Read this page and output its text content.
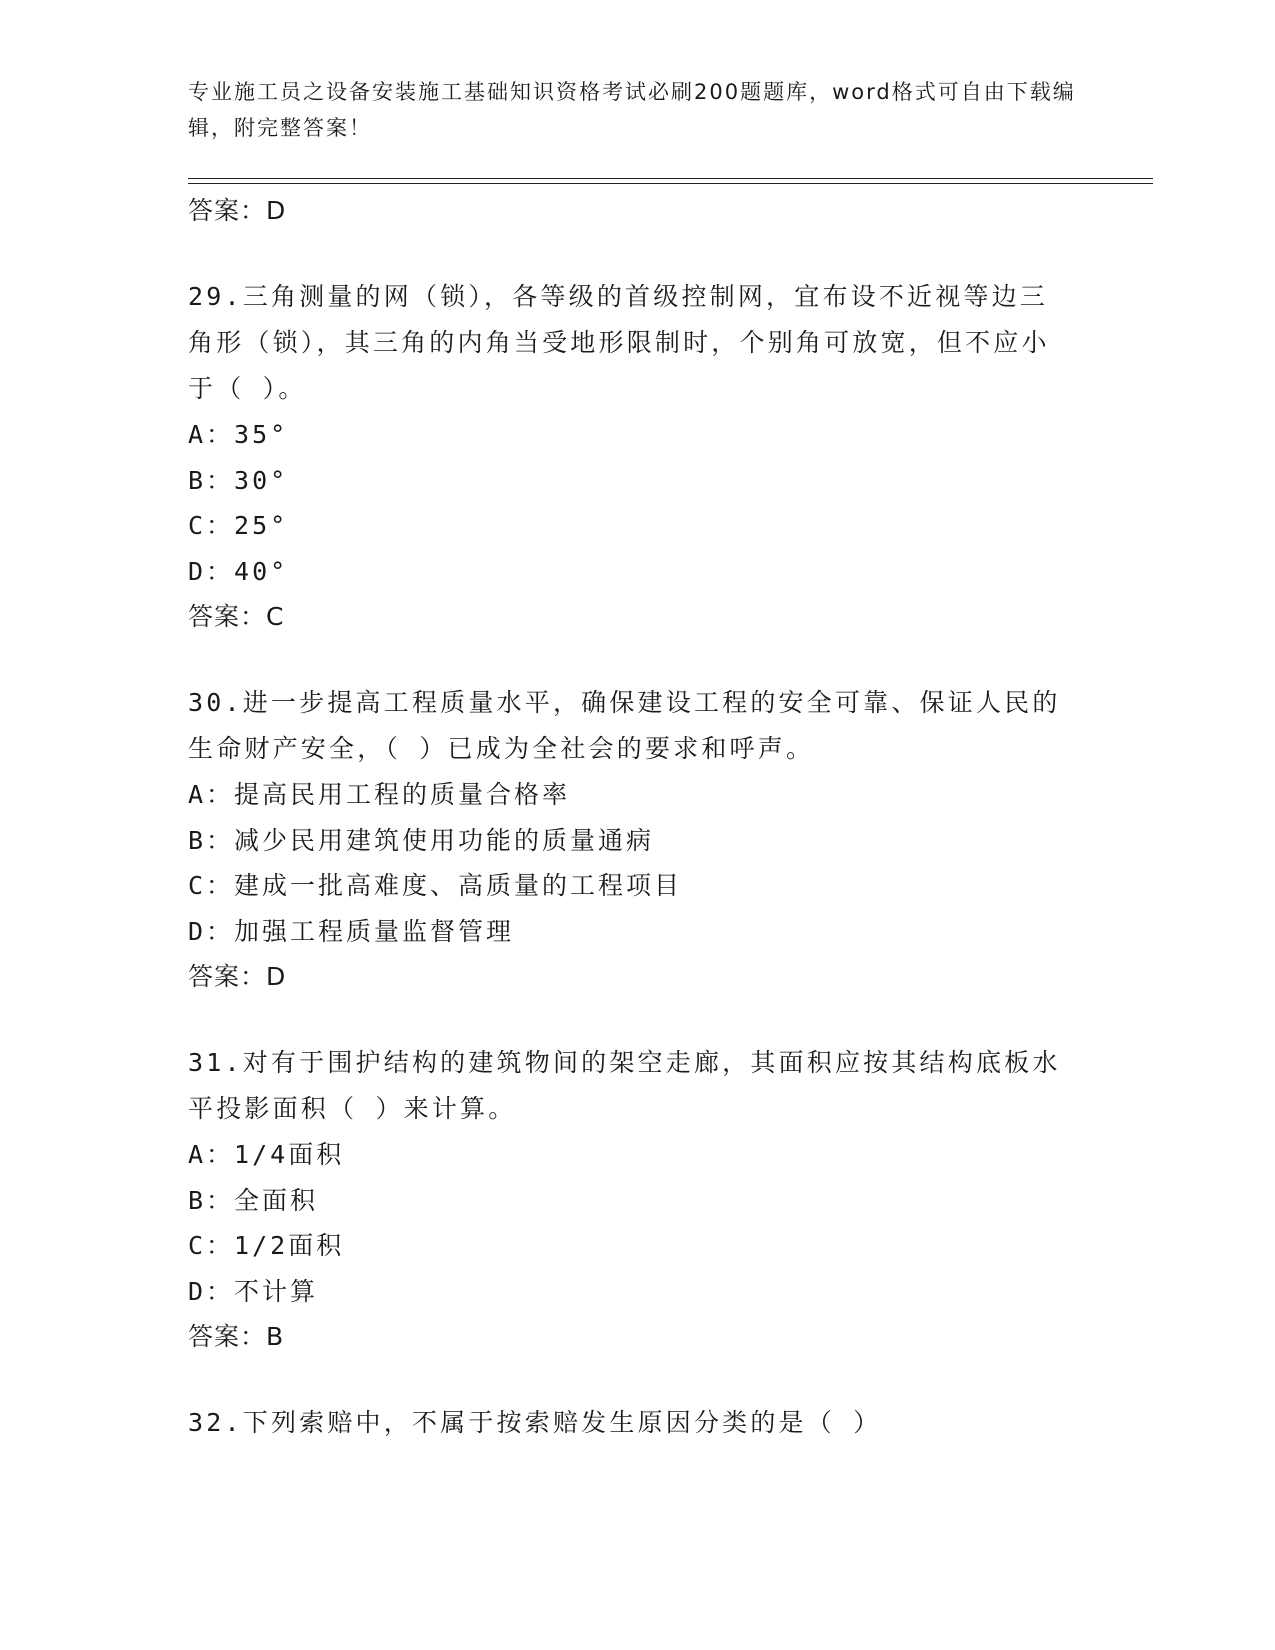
专业施工员之设备安装施工基础知识资格考试必刷200题题库，word格式可自由下载编辑，附完整答案！
答案：D
29.三角测量的网（锁），各等级的首级控制网，宜布设不近视等边三角形（锁），其三角的内角当受地形限制时，个别角可放宽，但不应小于（ ）。
A：35°
B：30°
C：25°
D：40°
答案：C
30.进一步提高工程质量水平，确保建设工程的安全可靠、保证人民的生命财产安全，（ ）已成为全社会的要求和呼声。
A：提高民用工程的质量合格率
B：减少民用建筑使用功能的质量通病
C：建成一批高难度、高质量的工程项目
D：加强工程质量监督管理
答案：D
31.对有于围护结构的建筑物间的架空走廊，其面积应按其结构底板水平投影面积（ ）来计算。
A：1/4面积
B：全面积
C：1/2面积
D：不计算
答案：B
32.下列索赔中，不属于按索赔发生原因分类的是（ ）
